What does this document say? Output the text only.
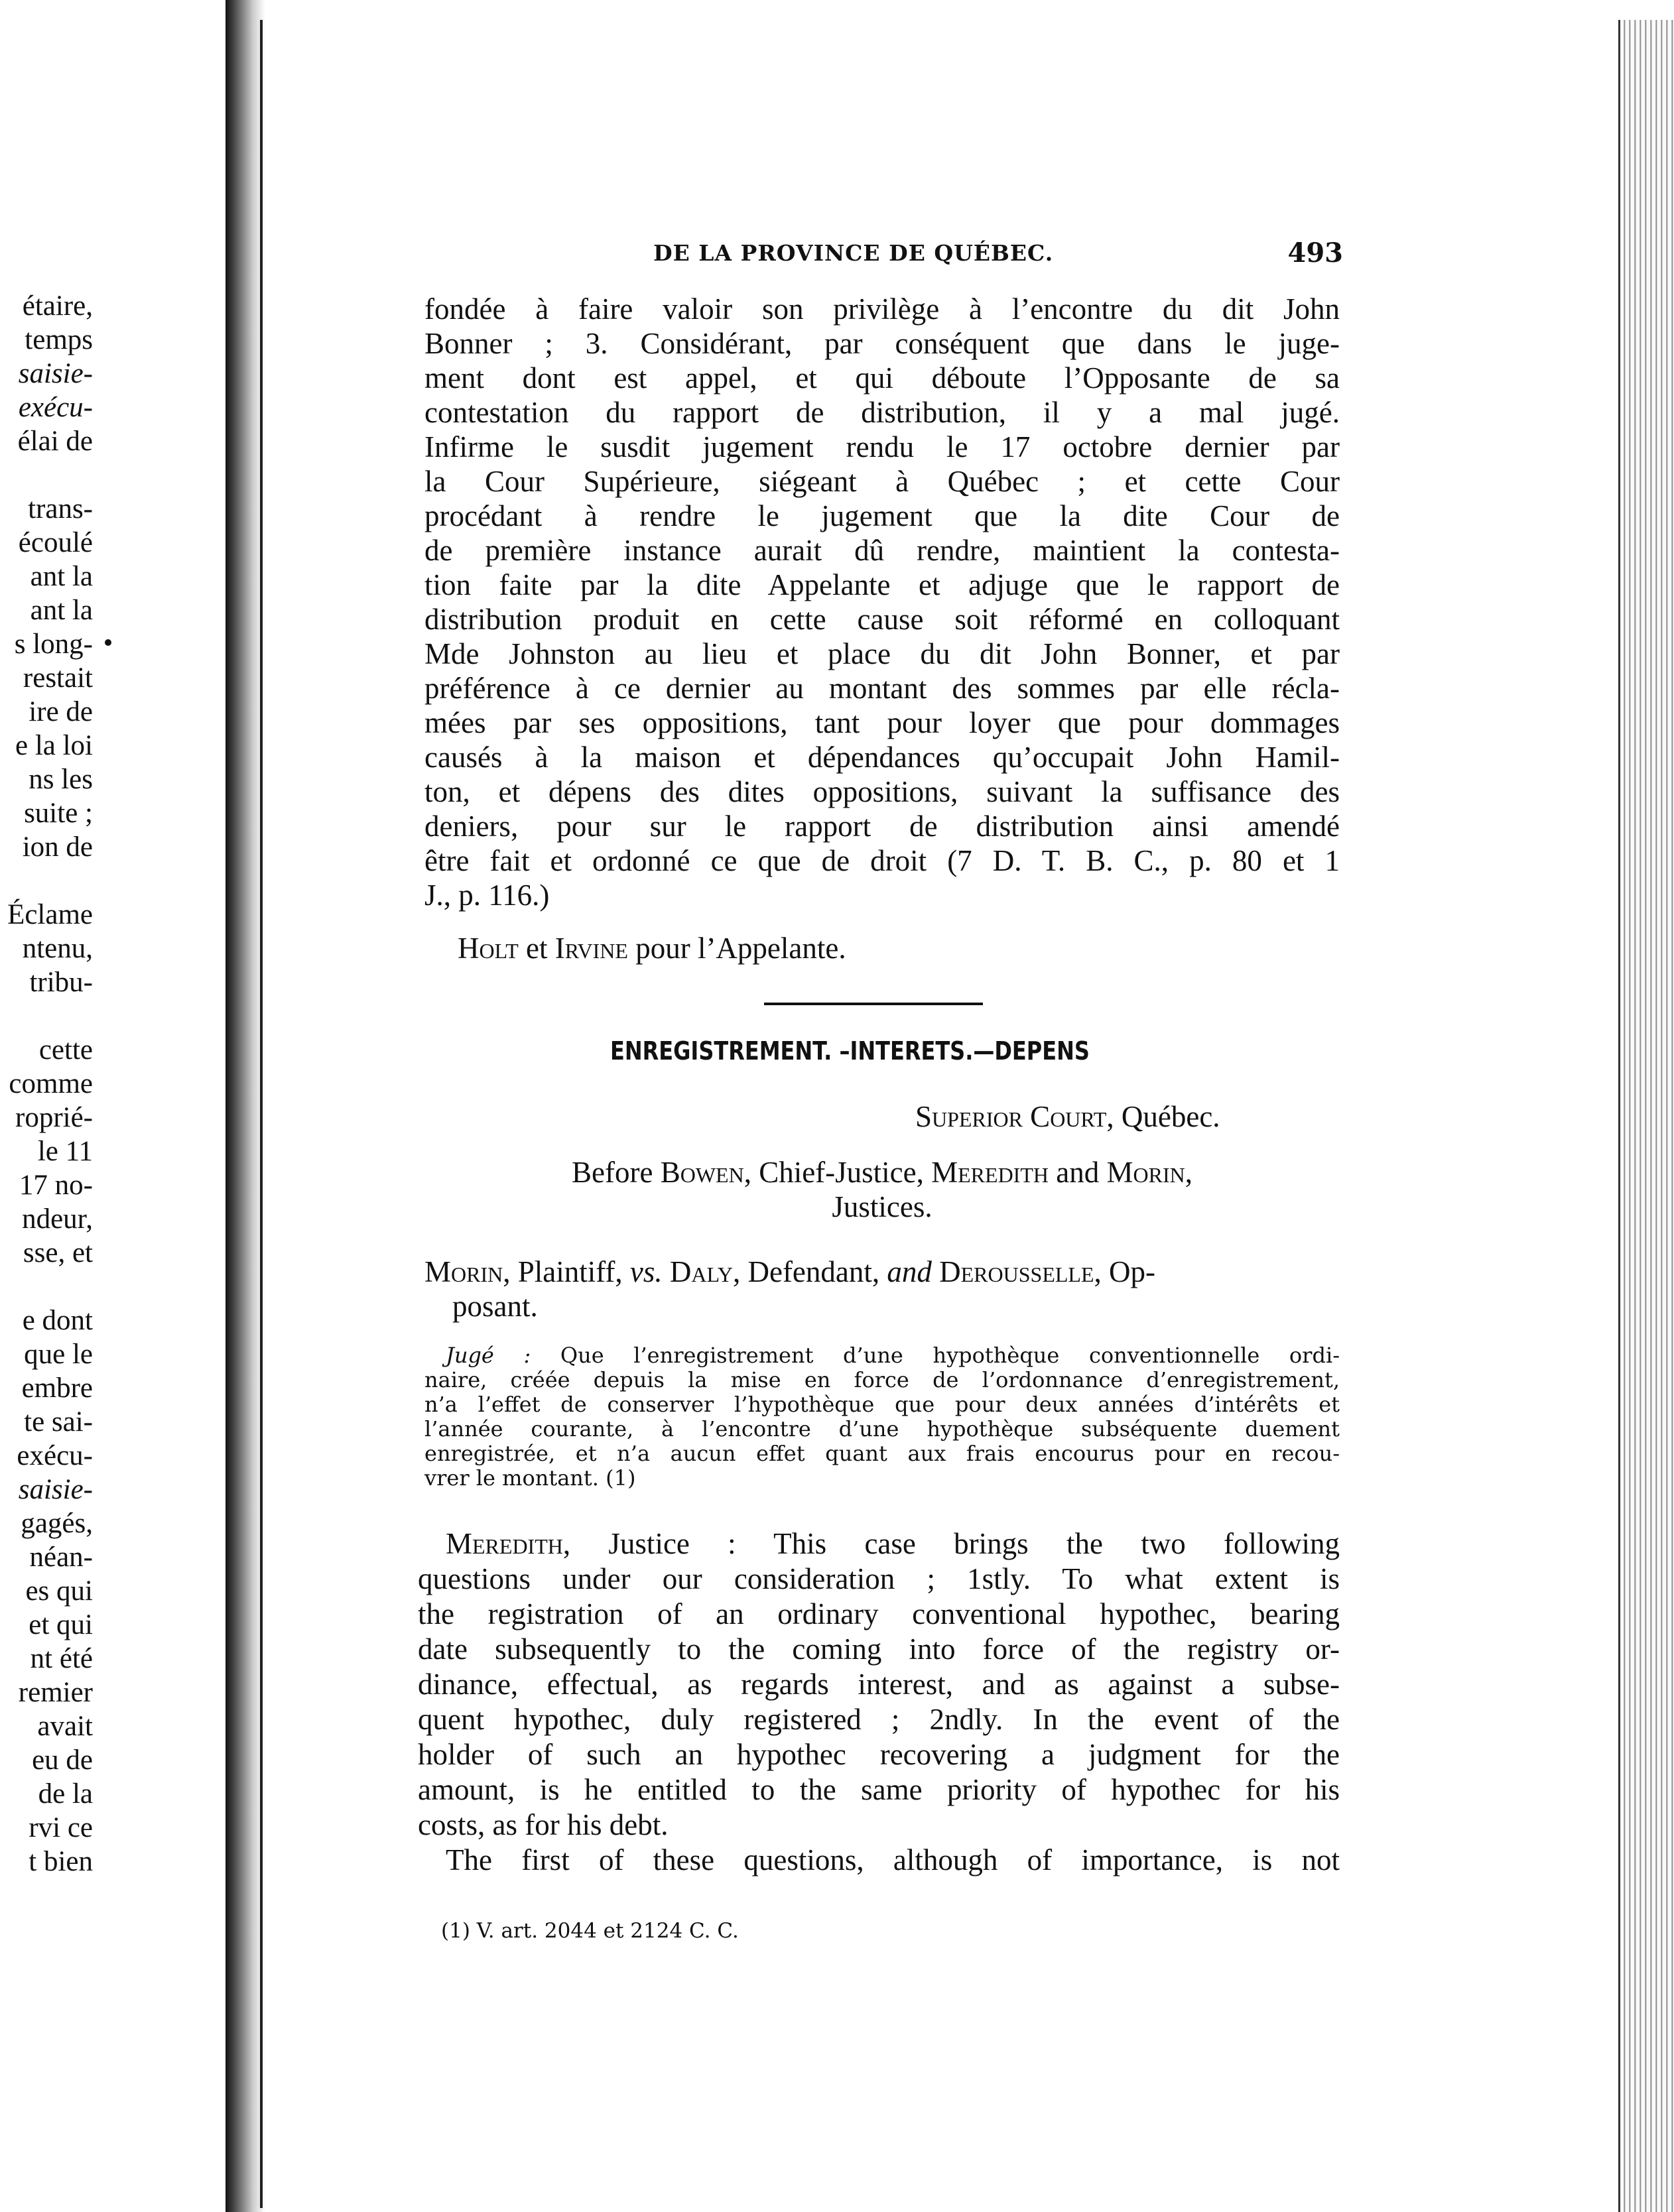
étaire,
temps
saisie-
exécu-
élai de

trans-
écoulé
ant la
ant la
s long-
restait
ire de
e la loi
ns les
suite ;
ion de

Éclame
ntenu,
tribu-

cette
comme
roprié-
le 11
17 no-
ndeur,
sse, et

e dont
que le
embre
te sai-
exécu-
saisie-
gagés,
néan-
es qui
et qui
nt été
remier
avait
eu de
de la
rvi ce
t bien
DE LA PROVINCE DE QUÉBEC.	493
fondée à faire valoir son privilège à l’encontre du dit John
Bonner ; 3. Considérant, par conséquent que dans le juge-
ment dont est appel, et qui déboute l’Opposante de sa
contestation du rapport de distribution, il y a mal jugé.
Infirme le susdit jugement rendu le 17 octobre dernier par
la Cour Supérieure, siégeant à Québec ; et cette Cour
procédant à rendre le jugement que la dite Cour de
de première instance aurait dû rendre, maintient la contesta-
tion faite par la dite Appelante et adjuge que le rapport de
distribution produit en cette cause soit réformé en colloquant
Mde Johnston au lieu et place du dit John Bonner, et par
préférence à ce dernier au montant des sommes par elle récla-
mées par ses oppositions, tant pour loyer que pour dommages
causés à la maison et dépendances qu’occupait John Hamil-
ton, et dépens des dites oppositions, suivant la suffisance des
deniers, pour sur le rapport de distribution ainsi amendé
être fait et ordonné ce que de droit (7 D. T. B. C., p. 80 et 1
J., p. 116.)
Holt et Irvine pour l’Appelante.
ENREGISTREMENT. –INTERETS.—DEPENS
Superior Court, Québec.
Before Bowen, Chief-Justice, Meredith and Morin,
Justices.
Morin, Plaintiff, vs. Daly, Defendant, and Derousselle, Op-
posant.
Jugé : Que l’enregistrement d’une hypothèque conventionnelle ordi-
naire, créée depuis la mise en force de l’ordonnance d’enregistrement,
n’a l’effet de conserver l’hypothèque que pour deux années d’intérêts et
l’année courante, à l’encontre d’une hypothèque subséquente duement
enregistrée, et n’a aucun effet quant aux frais encourus pour en recou-
vrer le montant. (1)
Meredith, Justice : This case brings the two following
questions under our consideration ; 1stly. To what extent is
the registration of an ordinary conventional hypothec, bearing
date subsequently to the coming into force of the registry or-
dinance, effectual, as regards interest, and as against a subse-
quent hypothec, duly registered ; 2ndly. In the event of the
holder of such an hypothec recovering a judgment for the
amount, is he entitled to the same priority of hypothec for his
costs, as for his debt.
The first of these questions, although of importance, is not
(1) V. art. 2044 et 2124 C. C.
